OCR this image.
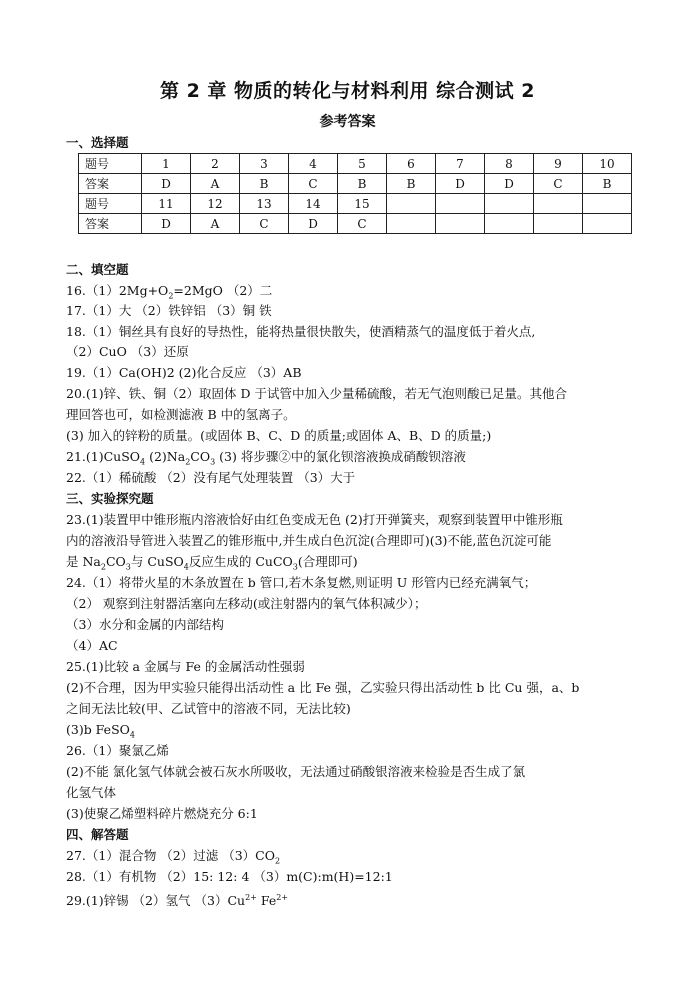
第 2 章 物质的转化与材料利用 综合测试 2
参考答案
一、选择题
题号	1	2	3	4	5	6	7	8	9	10
答案	D	A	B	C	B	B	D	D	C	B
题号	11	12	13	14	15					
答案	D	A	C	D	C					
二、填空题
$16.(1)2Mg+O_2=2MgO$ （2）二
17.（1）大 （2）铁锌铝 （3）铜 铁
18.（1）铜丝具有良好的导热性，能将热量很快散失，使酒精蒸气的温度低于着火点,
（2）CuO （3）还原
19.（1）Ca(OH)2 (2)化合反应 （3）AB
20.(1)锌、铁、铜（2）取固体 D 于试管中加入少量稀硫酸，若无气泡则酸已足量。其他合
理回答也可，如检测滤液 B 中的氢离子。
(3) 加入的锌粉的质量。(或固体 B、C、D 的质量;或固体 A、B、D 的质量;)
21.(1)CuSO$_4$ $(2)Na_2CO_3$ (3) 将步骤②中的氯化钡溶液换成硝酸钡溶液
22.（1）稀硫酸 （2）没有尾气处理装置 （3）大于
三、实验探究题
23.(1)装置甲中锥形瓶内溶液恰好由红色变成无色 (2)打开弹簧夹，观察到装置甲中锥形瓶
内的溶液沿导管进入装置乙的锥形瓶中,并生成白色沉淀(合理即可)(3)不能,蓝色沉淀可能
是 $Na_2CO_3$与 CuSO$_4$反应生成的 CuCO$_3$(合理即可)
24.（1）将带火星的木条放置在 b 管口,若木条复燃,则证明 U 形管内已经充满氧气；
（2） 观察到注射器活塞向左移动(或注射器内的氧气体积减少）；
（3）水分和金属的内部结构
（4）AC
25.(1)比较 a 金属与 Fe 的金属活动性强弱
(2)不合理，因为甲实验只能得出活动性 a 比 Fe 强，乙实验只得出活动性 b 比 Cu 强，a、b
之间无法比较(甲、乙试管中的溶液不同，无法比较)
(3)b FeSO$_4$
26.（1）聚氯乙烯
(2)不能 氯化氢气体就会被石灰水所吸收，无法通过硝酸银溶液来检验是否生成了氯
化氢气体
(3)使聚乙烯塑料碎片燃烧充分 6:1
四、解答题
27.（1）混合物 （2）过滤 $(3)CO_2$
28.（1）有机物 （2）15: 12: 4 （3）m(C):m(H)=12:1
29.(1)锌锡 （2）氢气 $(3)Cu^{2+}$ $Fe^{2+}$
